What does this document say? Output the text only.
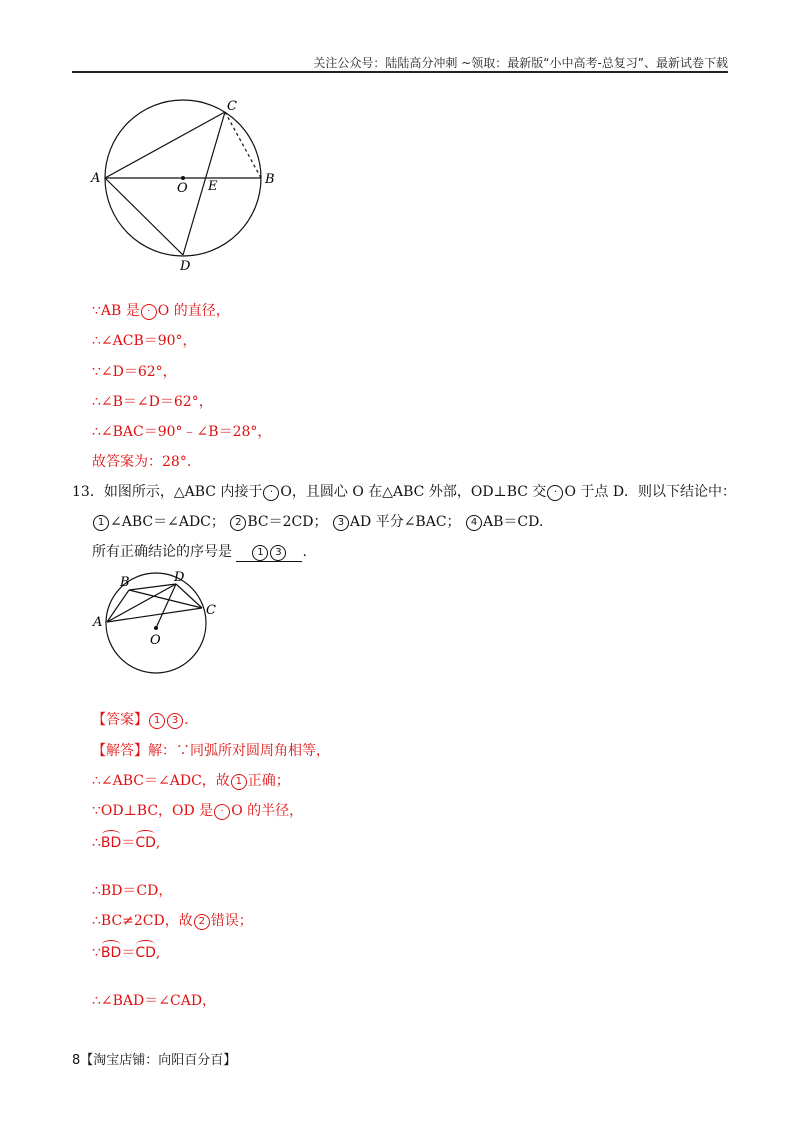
关注公众号：陆陆高分冲刺 ~领取：最新版“小中高考-总复习”、最新试卷下载
A	B
C
D
O E
∵AB 是 · O 的直径，
∴∠ACB＝90°，
∵∠D＝62°，
∴∠B＝∠D＝62°，
∴∠BAC＝90°﹣∠B＝28°，
故答案为：28°.
13．如图所示，△ABC 内接于 · O，且圆心 O 在△ABC 外部，OD⊥BC 交 · O 于点 D．则以下结论中：
1 ∠ABC＝∠ADC； 2 BC＝2CD； 3 AD 平分∠BAC； 4 AB＝CD.
所有正确结论的序号是	1 3 .
A
B
C
D
O
【答案】 1 3 .
【解答】解：∵同弧所对圆周角相等，
∴∠ABC＝∠ADC，故 1 正确；
∵OD⊥BC，OD 是 · O 的半径，
∴BD＝CD,
∴BD＝CD，
∴BC≠2CD，故 2 错误；
∵BD＝CD,
∴∠BAD＝∠CAD，
8【淘宝店铺：向阳百分百】
